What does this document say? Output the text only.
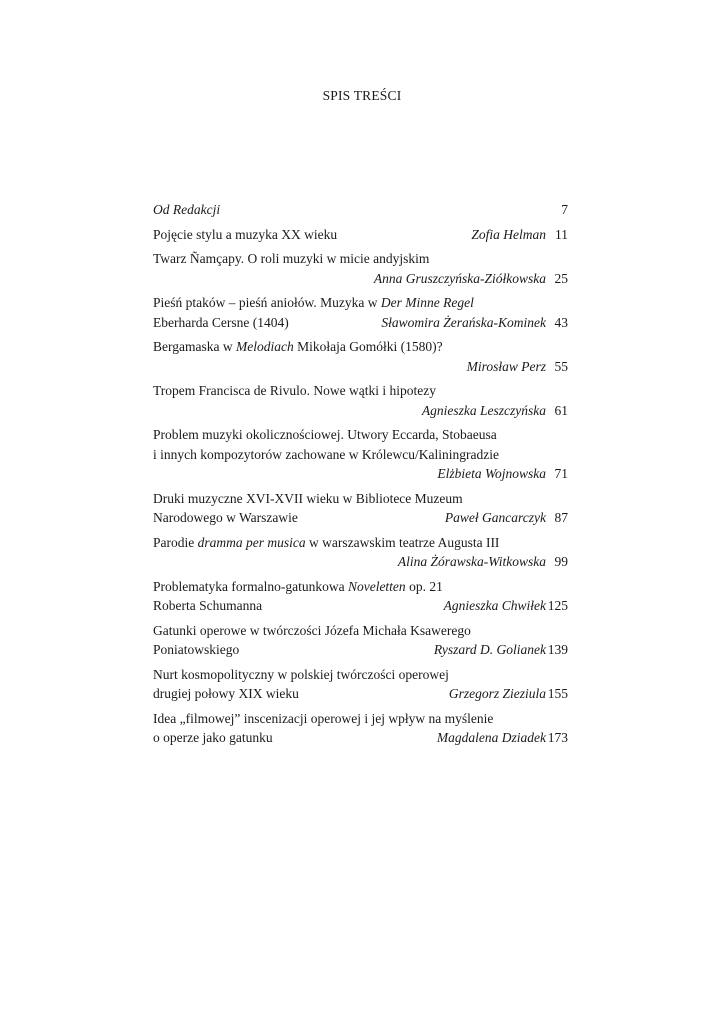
SPIS TREŚCI
Od Redakcji	7
Pojęcie stylu a muzyka XX wieku	Zofia Helman 11
Twarz Ñamçapy. O roli muzyki w micie andyjskim
Anna Gruszczyńska-Ziółkowska 25
Pieśń ptaków – pieśń aniołów. Muzyka w Der Minne Regel
Eberharda Cersne (1404)	Sławomira Żerańska-Kominek 43
Bergamaska w Melodiach Mikołaja Gomółki (1580)?
Mirosław Perz 55
Tropem Francisca de Rivulo. Nowe wątki i hipotezy
Agnieszka Leszczyńska 61
Problem muzyki okolicznościowej. Utwory Eccarda, Stobaeusa
i innych kompozytorów zachowane w Królewcu/Kaliningradzie
Elżbieta Wojnowska 71
Druki muzyczne XVI-XVII wieku w Bibliotece Muzeum
Narodowego w Warszawie	Paweł Gancarczyk 87
Parodie dramma per musica w warszawskim teatrze Augusta III
Alina Żórawska-Witkowska 99
Problematyka formalno-gatunkowa Noveletten op. 21
Roberta Schumanna	Agnieszka Chwiłek 125
Gatunki operowe w twórczości Józefa Michała Ksawerego
Poniatowskiego	Ryszard D. Golianek 139
Nurt kosmopolityczny w polskiej twórczości operowej
drugiej połowy XIX wieku	Grzegorz Zieziula 155
Idea „filmowej” inscenizacji operowej i jej wpływ na myślenie
o operze jako gatunku	Magdalena Dziadek 173
